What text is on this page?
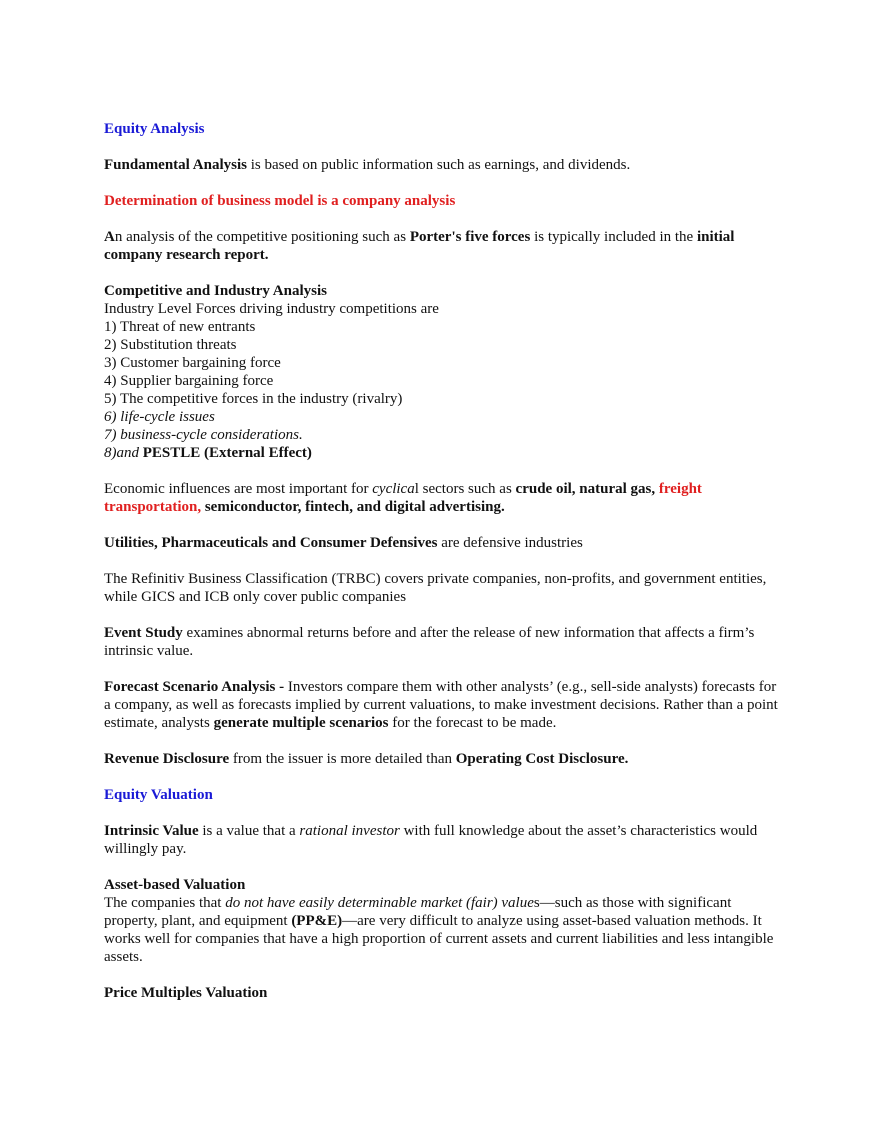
Equity Analysis

Fundamental Analysis is based on public information such as earnings, and dividends.

Determination of business model is a company analysis

An analysis of the competitive positioning such as Porter's five forces is typically included in the initial company research report.

Competitive and Industry Analysis

Industry Level Forces driving industry competitions are

1) Threat of new entrants

2) Substitution threats

3) Customer bargaining force

4) Supplier bargaining force

5) The competitive forces in the industry (rivalry)

6) life-cycle issues

7) business-cycle considerations.

8)and PESTLE (External Effect)

Economic influences are most important for cyclical sectors such as crude oil, natural gas, freight transportation, semiconductor, fintech, and digital advertising.

Utilities, Pharmaceuticals and Consumer Defensives are defensive industries

The Refinitiv Business Classification (TRBC) covers private companies, non-profits, and government entities, while GICS and ICB only cover public companies

Event Study examines abnormal returns before and after the release of new information that affects a firm’s intrinsic value.

Forecast Scenario Analysis - Investors compare them with other analysts’ (e.g., sell-side analysts) forecasts for a company, as well as forecasts implied by current valuations, to make investment decisions. Rather than a point estimate, analysts generate multiple scenarios for the forecast to be made.

Revenue Disclosure from the issuer is more detailed than Operating Cost Disclosure.

Equity Valuation

Intrinsic Value is a value that a rational investor with full knowledge about the asset’s characteristics would willingly pay.

Asset-based Valuation

The companies that do not have easily determinable market (fair) values—such as those with significant property, plant, and equipment (PP&E)—are very difficult to analyze using asset-based valuation methods. It works well for companies that have a high proportion of current assets and current liabilities and less intangible assets.

Price Multiples Valuation
